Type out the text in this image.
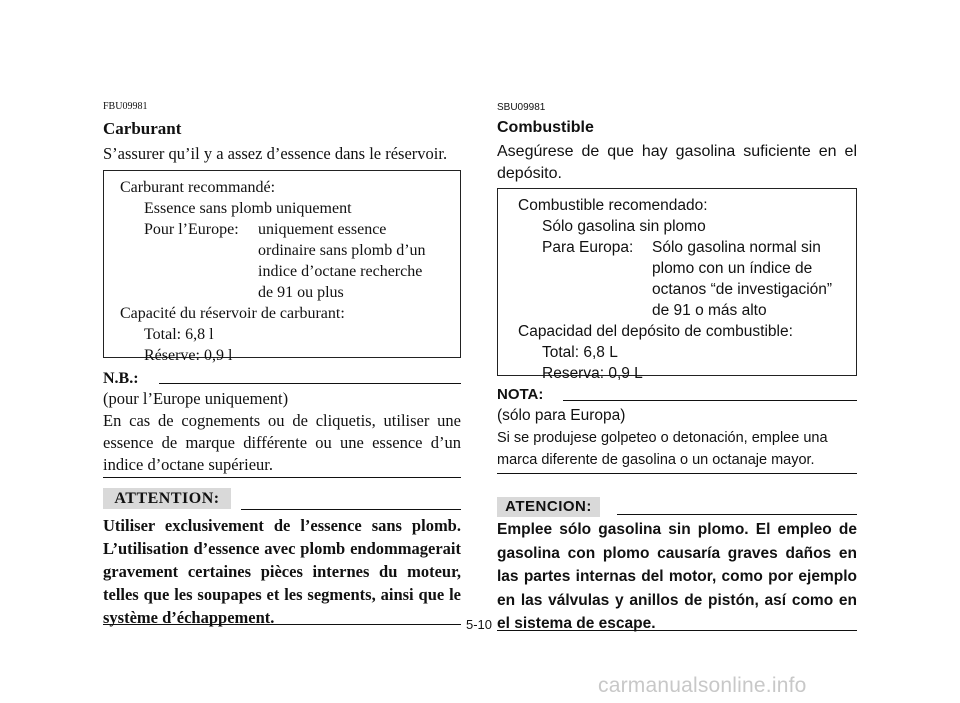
FBU09981
Carburant
S’assurer qu’il y a assez d’essence dans le réservoir.
Carburant recommandé:
Essence sans plomb uniquement
Pour l’Europe:	uniquement essence
ordinaire sans plomb d’un
indice d’octane recherche
de 91 ou plus
Capacité du réservoir de carburant:
Total: 6,8 l
Réserve: 0,9 l
N.B.:
(pour l’Europe uniquement)
En cas de cognements ou de cliquetis, utiliser une essence de marque différente ou une essence d’un indice d’octane supérieur.
ATTENTION:
Utiliser exclusivement de l’essence sans plomb. L’utilisation d’essence avec plomb endommagerait gravement certaines pièces internes du moteur, telles que les soupapes et les segments, ainsi que le système d’échappement.
SBU09981
Combustible
Asegúrese de que hay gasolina suficiente en el depósito.
Combustible recomendado:
Sólo gasolina sin plomo
Para Europa:	Sólo gasolina normal sin
plomo con un índice de
octanos “de investigación”
de 91 o más alto
Capacidad del depósito de combustible:
Total: 6,8 L
Reserva: 0,9 L
NOTA:
(sólo para Europa)
Si se produjese golpeteo o detonación, emplee una marca diferente de gasolina o un octanaje mayor.
ATENCION:
Emplee sólo gasolina sin plomo. El empleo de gasolina con plomo causaría graves daños en las partes internas del motor, como por ejemplo en las válvulas y anillos de pistón, así como en el sistema de escape.
5-10
carmanualsonline.info
